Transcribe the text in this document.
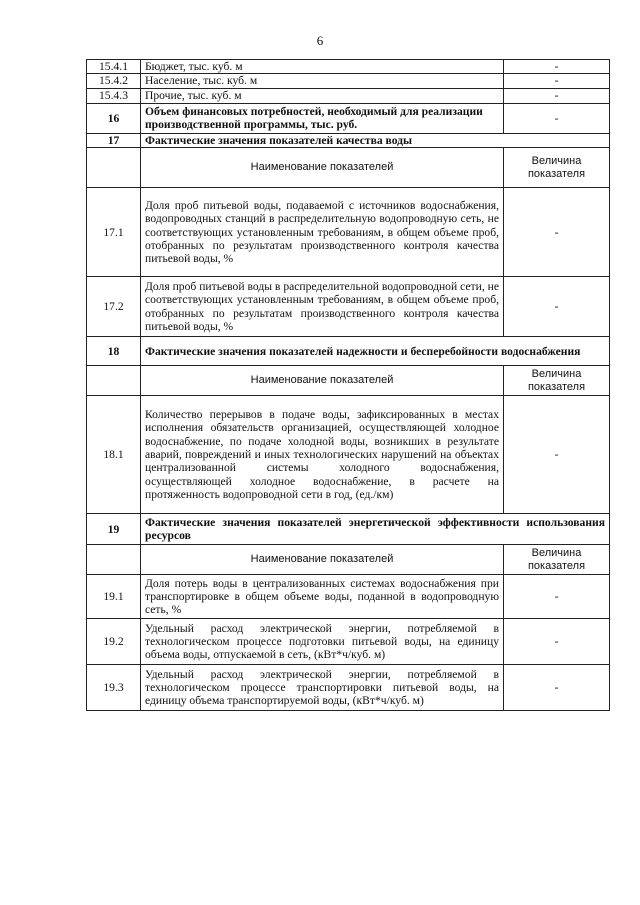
6
15.4.1	Бюджет, тыс. куб. м	-
15.4.2	Население, тыс. куб. м	-
15.4.3	Прочие, тыс. куб. м	-
16	Объем финансовых потребностей, необходимый для реализации производственной программы, тыс. руб.	-
17	Фактические значения показателей качества воды	
	Наименование показателей	Величина показателя
17.1	Доля проб питьевой воды, подаваемой с источников водоснабжения, водопроводных станций в распределительную водопроводную сеть, не соответствующих установленным требованиям, в общем объеме проб, отобранных по результатам производственного контроля качества питьевой воды, %	-
17.2	Доля проб питьевой воды в распределительной водопроводной сети, не соответствующих установленным требованиям, в общем объеме проб, отобранных по результатам производственного контроля качества питьевой воды, %	-
18	Фактические значения показателей надежности и бесперебойности водоснабжения	
	Наименование показателей	Величина показателя
18.1	Количество перерывов в подаче воды, зафиксированных в местах исполнения обязательств организацией, осуществляющей холодное водоснабжение, по подаче холодной воды, возникших в результате аварий, повреждений и иных технологических нарушений на объектах централизованной системы холодного водоснабжения, осуществляющей холодное водоснабжение, в расчете на протяженность водопроводной сети в год, (ед./км)	-
19	Фактические значения показателей энергетической эффективности использования ресурсов	
	Наименование показателей	Величина показателя
19.1	Доля потерь воды в централизованных системах водоснабжения при транспортировке в общем объеме воды, поданной в водопроводную сеть, %	-
19.2	Удельный расход электрической энергии, потребляемой в технологическом процессе подготовки питьевой воды, на единицу объема воды, отпускаемой в сеть, (кВт*ч/куб. м)	-
19.3	Удельный расход электрической энергии, потребляемой в технологическом процессе транспортировки питьевой воды, на единицу объема транспортируемой воды, (кВт*ч/куб. м)	-
